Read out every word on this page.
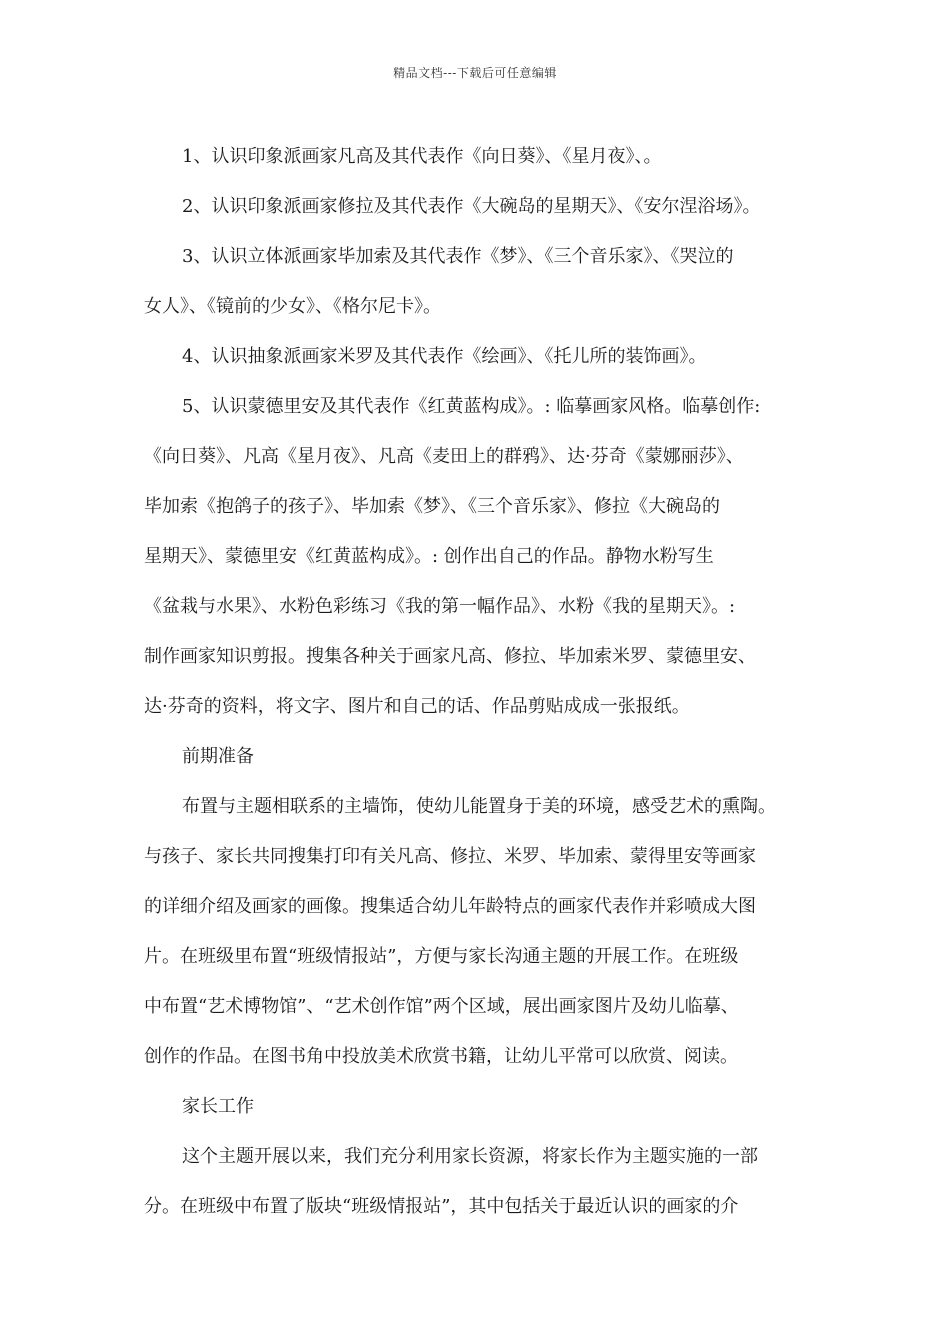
精品文档---下载后可任意编辑
1、认识印象派画家凡高及其代表作《向日葵》、《星月夜》、。
2、认识印象派画家修拉及其代表作《大碗岛的星期天》、《安尔涅浴场》。
3、认识立体派画家毕加索及其代表作《梦》、《三个音乐家》、《哭泣的
女人》、《镜前的少女》、《格尔尼卡》。
4、认识抽象派画家米罗及其代表作《绘画》、《托儿所的装饰画》。
5、认识蒙德里安及其代表作《红黄蓝构成》。: 临摹画家风格。临摹创作:
《向日葵》、凡高《星月夜》、凡高《麦田上的群鸦》、达·芬奇《蒙娜丽莎》、
毕加索《抱鸽子的孩子》、毕加索《梦》、《三个音乐家》、修拉《大碗岛的
星期天》、蒙德里安《红黄蓝构成》。: 创作出自己的作品。静物水粉写生
《盆栽与水果》、水粉色彩练习《我的第一幅作品》、水粉《我的星期天》。:
制作画家知识剪报。搜集各种关于画家凡高、修拉、毕加索米罗、蒙德里安、
达·芬奇的资料，将文字、图片和自己的话、作品剪贴成成一张报纸。
前期准备
布置与主题相联系的主墙饰，使幼儿能置身于美的环境，感受艺术的熏陶。
与孩子、家长共同搜集打印有关凡高、修拉、米罗、毕加索、蒙得里安等画家
的详细介绍及画家的画像。搜集适合幼儿年龄特点的画家代表作并彩喷成大图
片。在班级里布置“班级情报站”，方便与家长沟通主题的开展工作。在班级
中布置“艺术博物馆”、“艺术创作馆”两个区域，展出画家图片及幼儿临摹、
创作的作品。在图书角中投放美术欣赏书籍，让幼儿平常可以欣赏、阅读。
家长工作
这个主题开展以来，我们充分利用家长资源，将家长作为主题实施的一部
分。在班级中布置了版块“班级情报站”，其中包括关于最近认识的画家的介
